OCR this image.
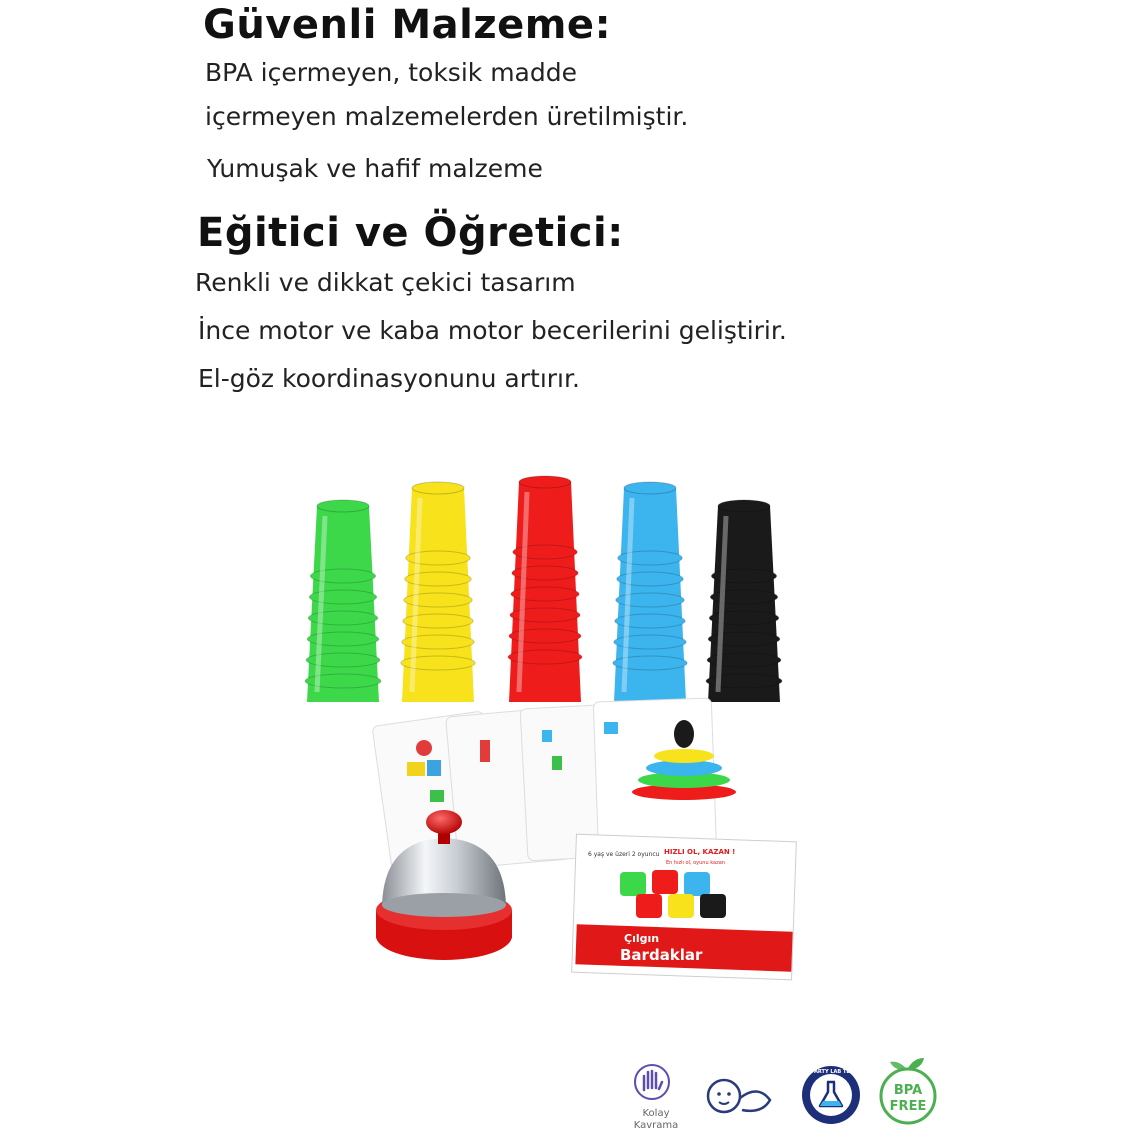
Güvenli Malzeme:
BPA içermeyen, toksik madde
içermeyen malzemelerden üretilmiştir.
Yumuşak ve hafif malzeme
Eğitici ve Öğretici:
Renkli ve dikkat çekici tasarım
İnce motor ve kaba motor becerilerini geliştirir.
El-göz koordinasyonunu artırır.
6 yaş ve üzeri 2 oyuncu HIZLI OL, KAZAN !
En hızlı ol, oyunu kazan
Çılgın
Bardaklar
Kolay Kavrama
3RD PARTY LAB TESTED
BPA
FREE
